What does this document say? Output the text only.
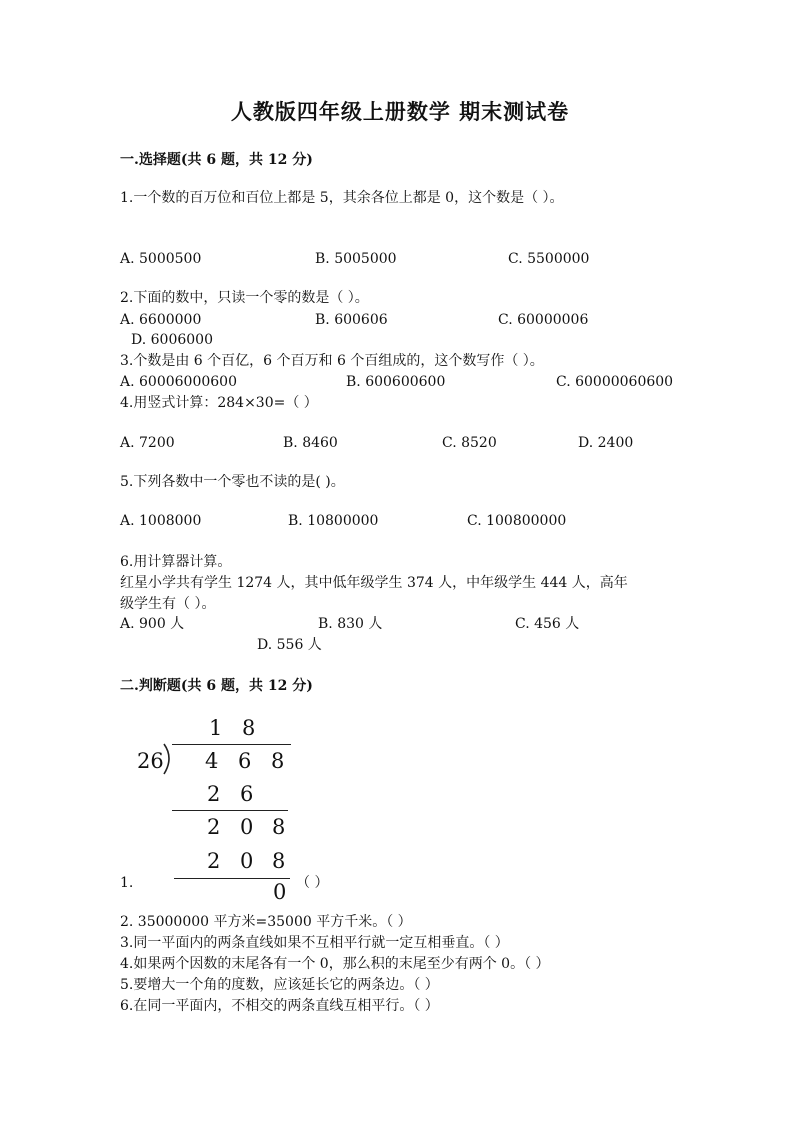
人教版四年级上册数学 期末测试卷
一.选择题(共 6 题，共 12 分)
1.一个数的百万位和百位上都是 5，其余各位上都是 0，这个数是（ ）。
A. 5000500	B. 5005000	C. 5500000
2.下面的数中，只读一个零的数是（ ）。
A. 6600000	B. 600606	C. 60000006
D. 6006000
3.个数是由 6 个百亿，6 个百万和 6 个百组成的，这个数写作（ ）。
A. 60006000600	B. 600600600	C. 60000060600
4.用竖式计算：284×30=（ ）
A. 7200	B. 8460	C. 8520	D. 2400
5.下列各数中一个零也不读的是( )。
A. 1008000	B. 10800000	C. 100800000
6.用计算器计算。
红星小学共有学生 1274 人，其中低年级学生 374 人，中年级学生 444 人，高年
级学生有（ ）。
A. 900 人	B. 830 人	C. 456 人
D. 556 人
二.判断题(共 6 题，共 12 分)
1 8
26 4 6 8
2 6
2 0 8
2 0 8
0
1.	（ ）
2. 35000000 平方米=35000 平方千米。（ ）
3.同一平面内的两条直线如果不互相平行就一定互相垂直。（ ）
4.如果两个因数的末尾各有一个 0，那么积的末尾至少有两个 0。（ ）
5.要增大一个角的度数，应该延长它的两条边。（ ）
6.在同一平面内，不相交的两条直线互相平行。（ ）
